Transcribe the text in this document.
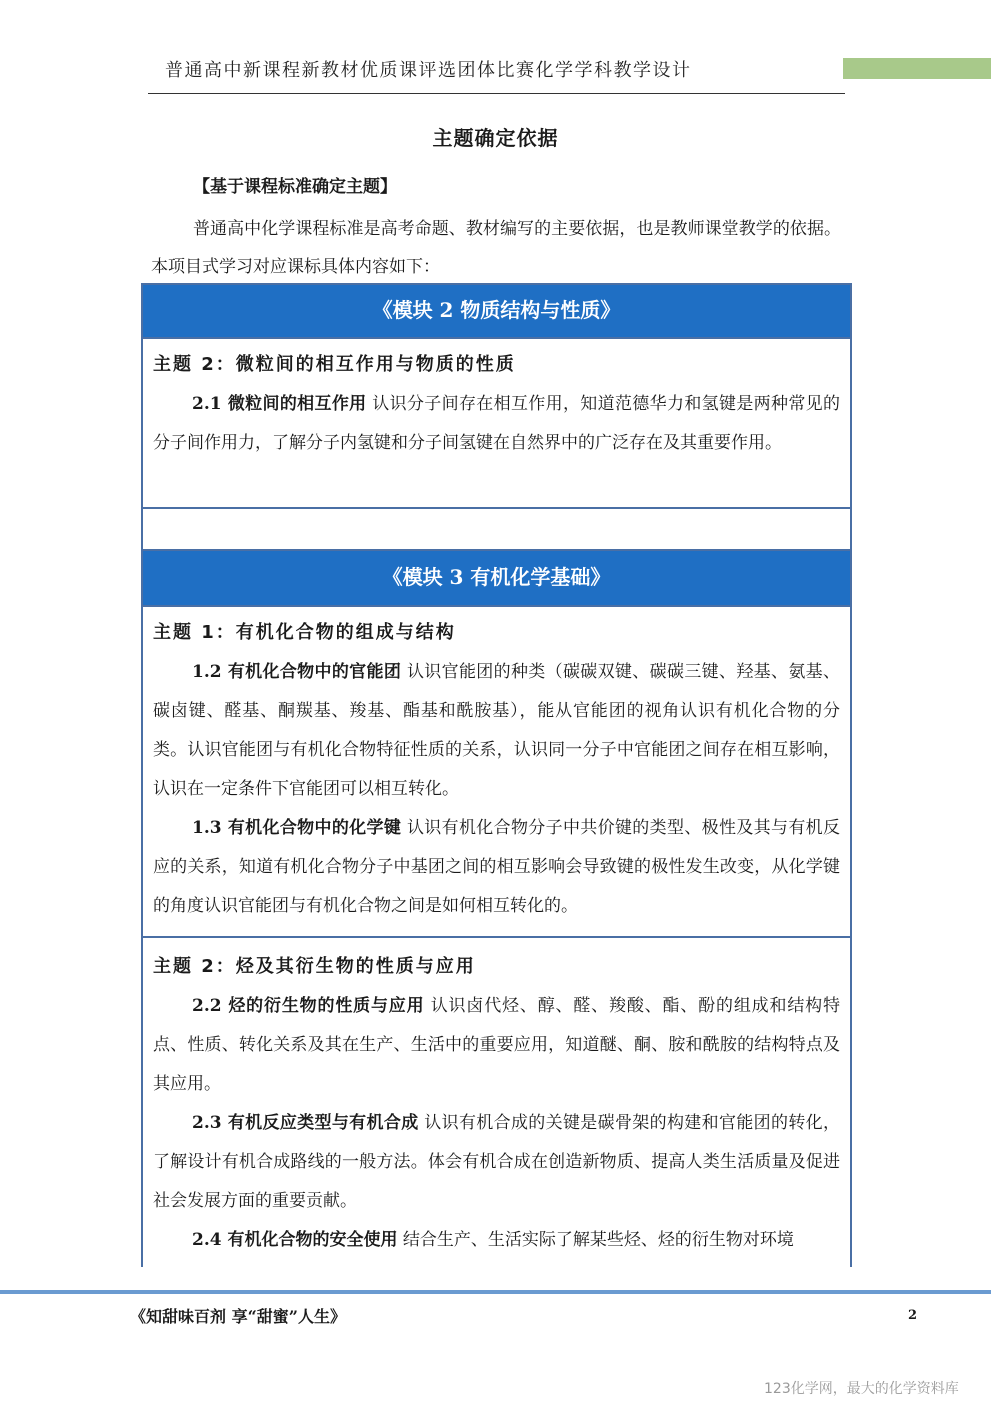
普通高中新课程新教材优质课评选团体比赛化学学科教学设计
主题确定依据
【基于课程标准确定主题】
普通高中化学课程标准是高考命题、教材编写的主要依据，也是教师课堂教学的依据。本项目式学习对应课标具体内容如下：
《模块 2 物质结构与性质》
主题 2：微粒间的相互作用与物质的性质
2.1 微粒间的相互作用 认识分子间存在相互作用，知道范德华力和氢键是两种常见的分子间作用力，了解分子内氢键和分子间氢键在自然界中的广泛存在及其重要作用。
《模块 3 有机化学基础》
主题 1：有机化合物的组成与结构
1.2 有机化合物中的官能团 认识官能团的种类（碳碳双键、碳碳三键、羟基、氨基、碳卤键、醛基、酮羰基、羧基、酯基和酰胺基），能从官能团的视角认识有机化合物的分类。认识官能团与有机化合物特征性质的关系，认识同一分子中官能团之间存在相互影响，认识在一定条件下官能团可以相互转化。
1.3 有机化合物中的化学键 认识有机化合物分子中共价键的类型、极性及其与有机反应的关系，知道有机化合物分子中基团之间的相互影响会导致键的极性发生改变，从化学键的角度认识官能团与有机化合物之间是如何相互转化的。
主题 2：烃及其衍生物的性质与应用
2.2 烃的衍生物的性质与应用 认识卤代烃、醇、醛、羧酸、酯、酚的组成和结构特点、性质、转化关系及其在生产、生活中的重要应用，知道醚、酮、胺和酰胺的结构特点及其应用。
2.3 有机反应类型与有机合成 认识有机合成的关键是碳骨架的构建和官能团的转化，了解设计有机合成路线的一般方法。体会有机合成在创造新物质、提高人类生活质量及促进社会发展方面的重要贡献。
2.4 有机化合物的安全使用 结合生产、生活实际了解某些烃、烃的衍生物对环境
《知甜味百剂 享“甜蜜”人生》	2
123化学网，最大的化学资料库
